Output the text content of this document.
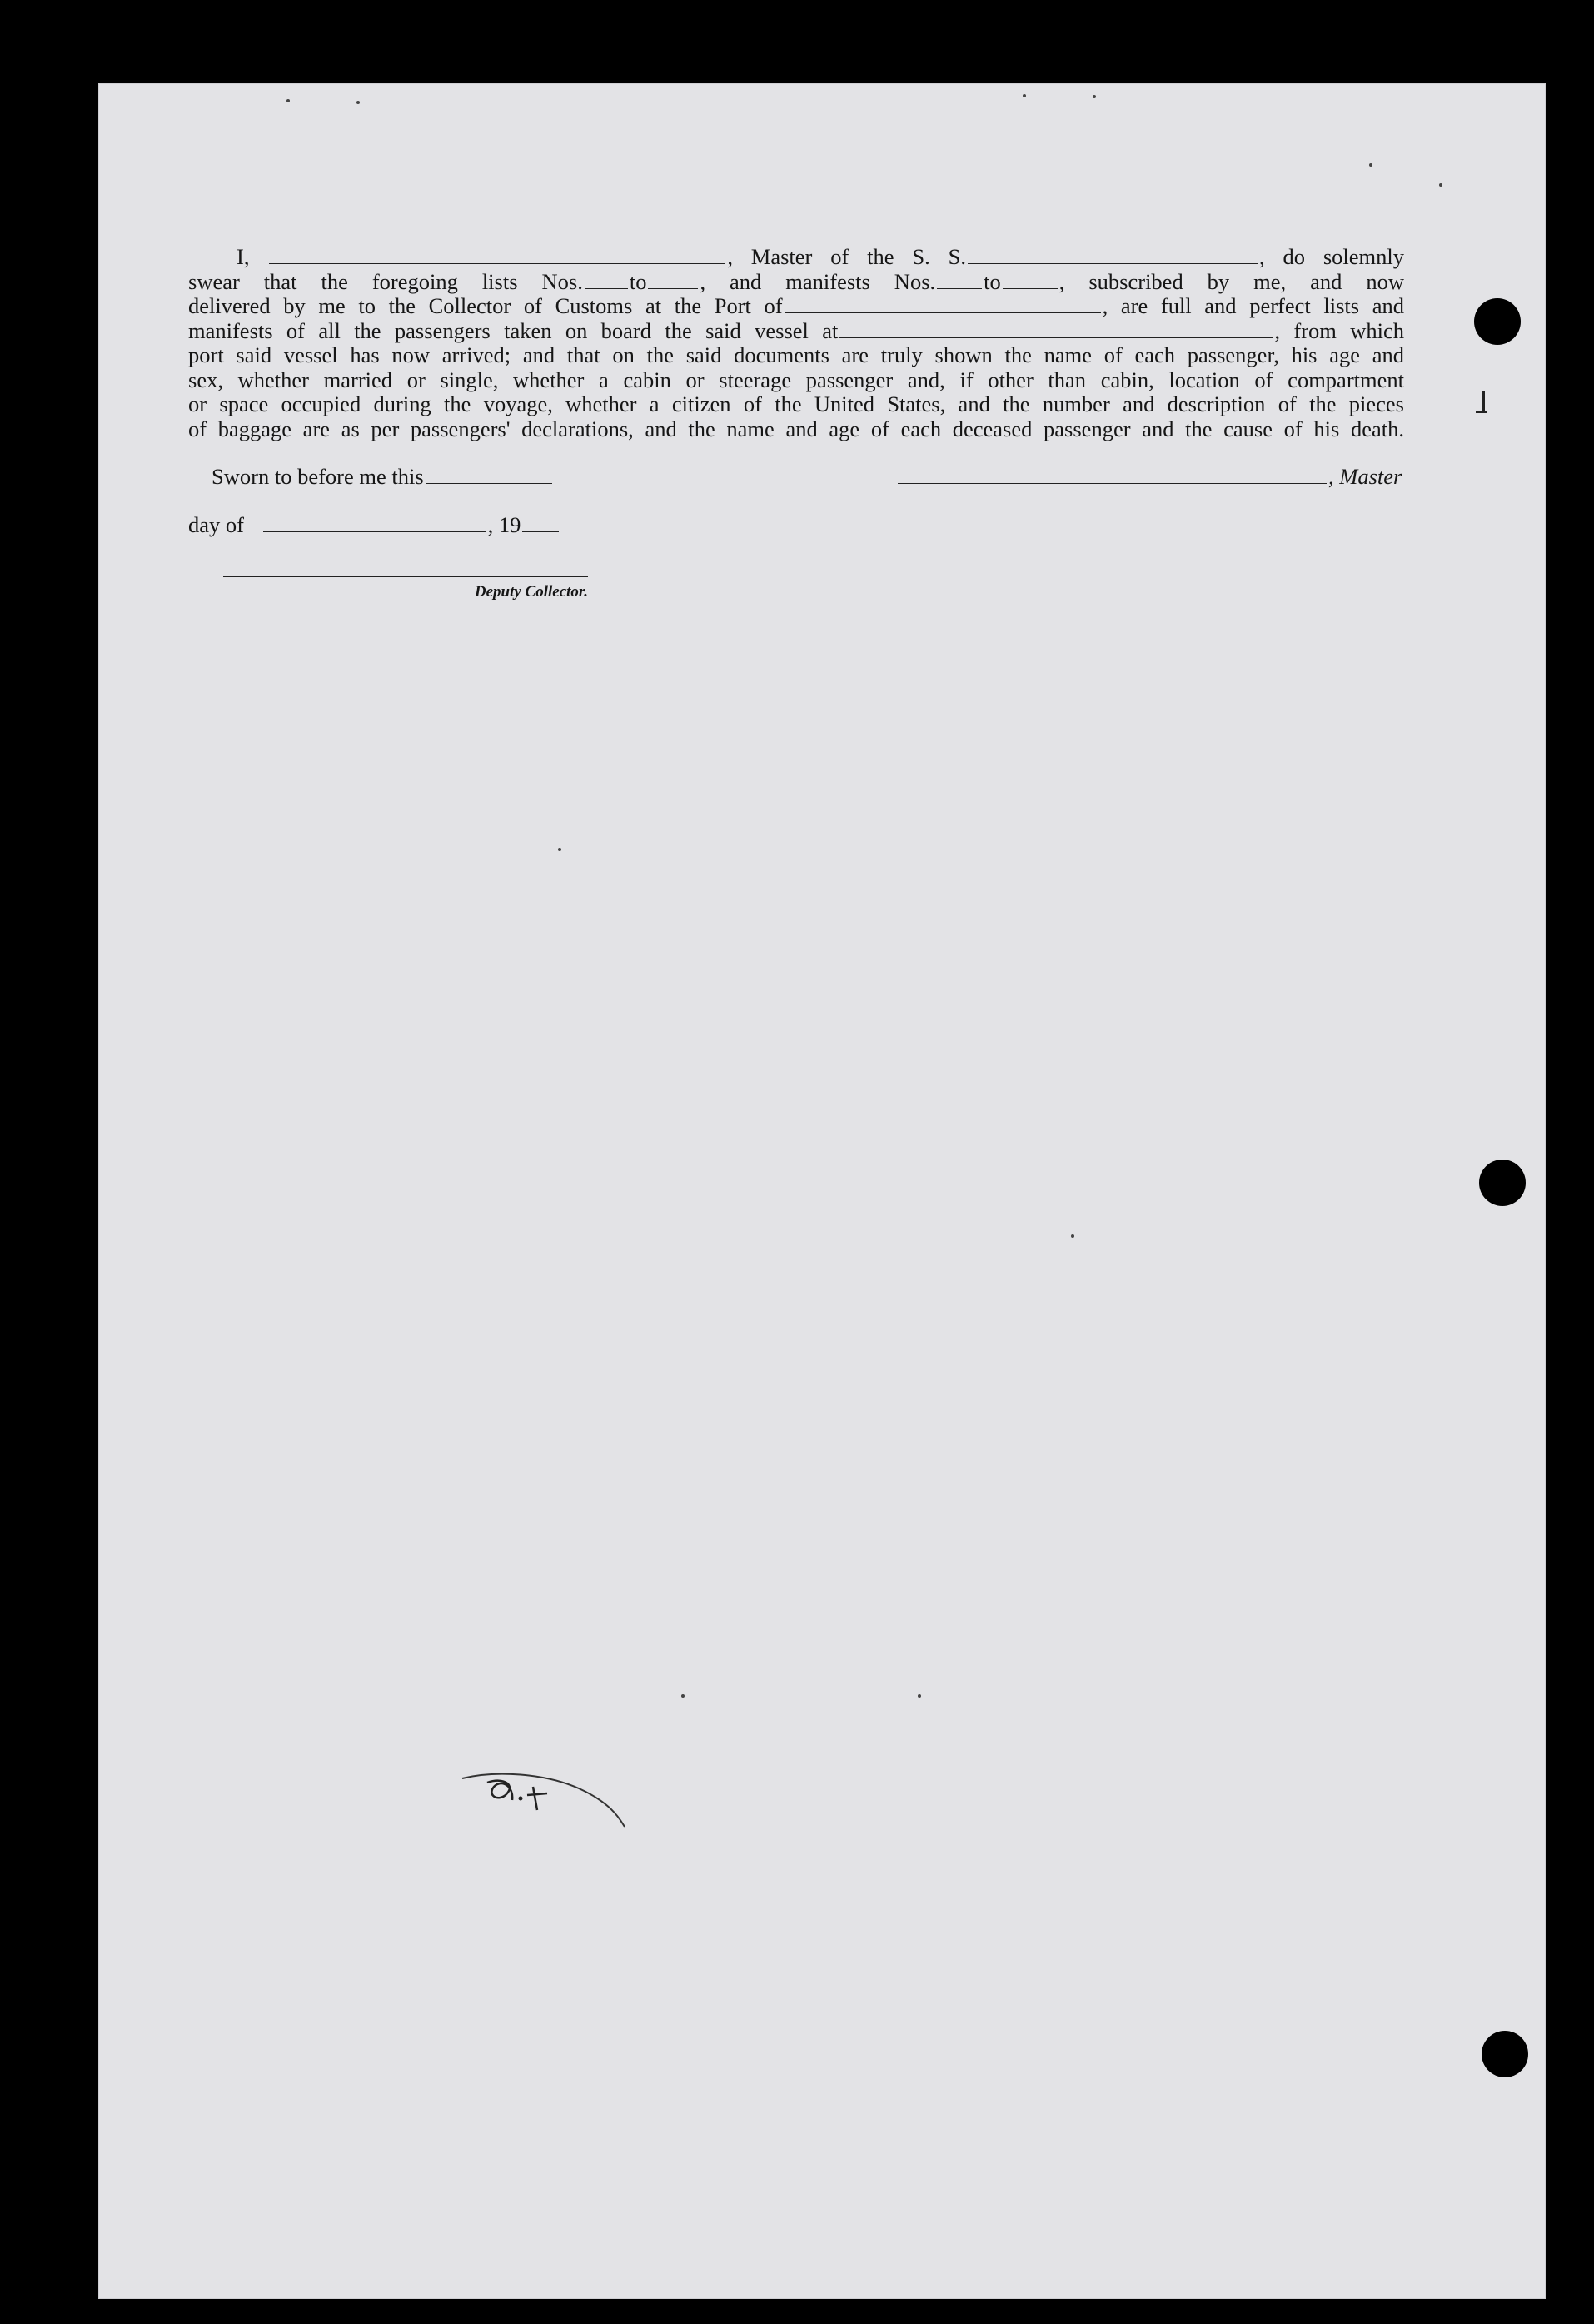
I,	, Master of the S. S.	, do solemnly

swear that the foregoing lists Nos. to , and manifests Nos. to	, subscribed by me, and now

delivered by me to the Collector of Customs at the Port of	, are full and perfect lists and

manifests of all the passengers taken on board the said vessel at	, from which

port said vessel has now arrived; and that on the said documents are truly shown the name of each passenger, his age and

sex, whether married or single, whether a cabin or steerage passenger and, if other than cabin, location of compartment

or space occupied during the voyage, whether a citizen of the United States, and the number and description of the pieces

of baggage are as per passengers' declarations, and the name and age of each deceased passenger and the cause of his death.

Sworn to before me this	, Master
day of	, 19
Deputy Collector.
